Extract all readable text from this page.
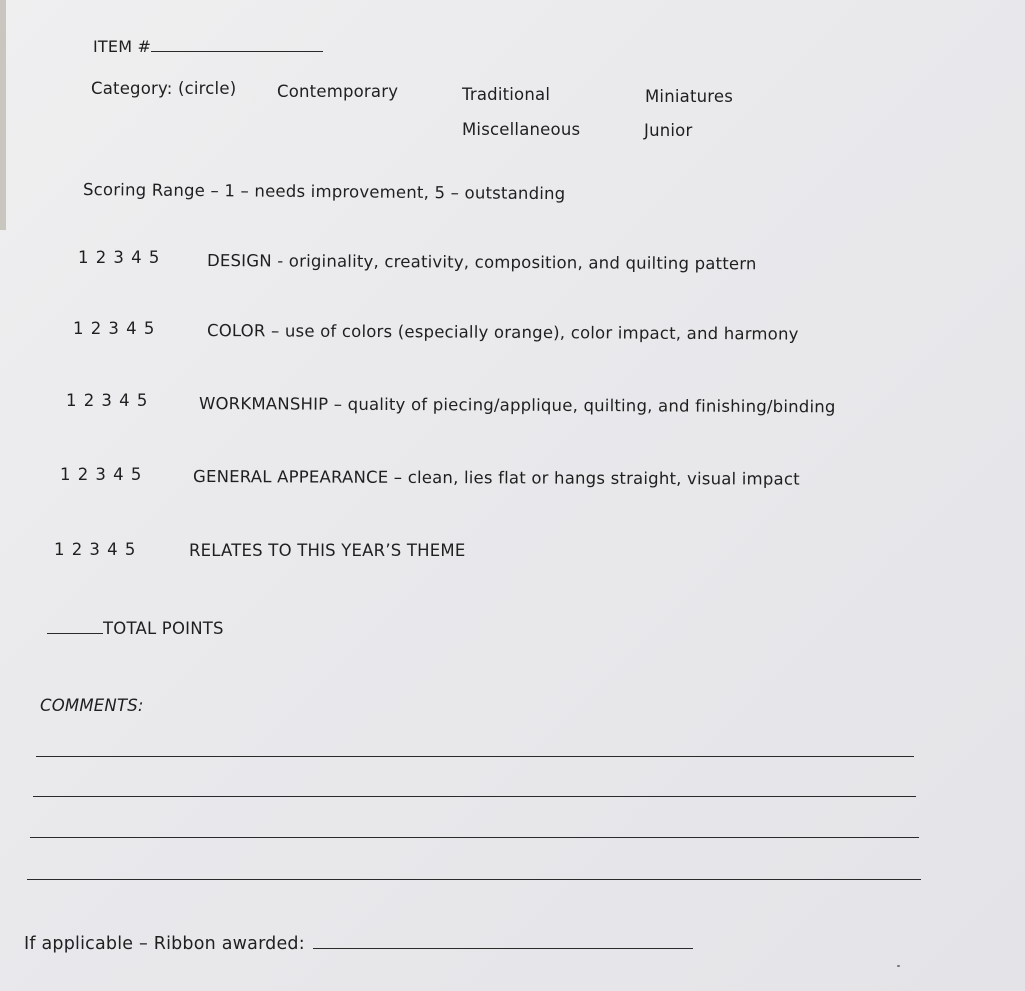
ITEM #
Category: (circle) Contemporary	Traditional	Miniatures
Miscellaneous	Junior
Scoring Range – 1 – needs improvement, 5 – outstanding
1 2 3 4 5	DESIGN - originality, creativity, composition, and quilting pattern
1 2 3 4 5	COLOR – use of colors (especially orange), color impact, and harmony
1 2 3 4 5	WORKMANSHIP – quality of piecing/applique, quilting, and finishing/binding
1 2 3 4 5	GENERAL APPEARANCE – clean, lies flat or hangs straight, visual impact
1 2 3 4 5	RELATES TO THIS YEAR’S THEME
TOTAL POINTS
COMMENTS:
If applicable – Ribbon awarded:
